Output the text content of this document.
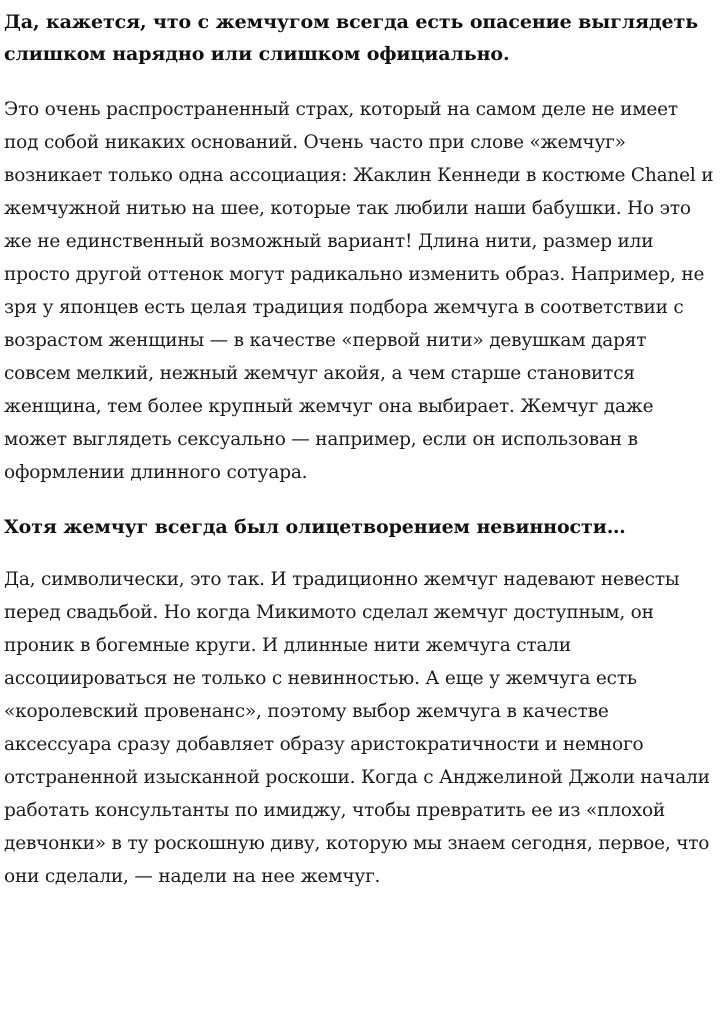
Да, кажется, что с жемчугом всегда есть опасение выглядеть слишком нарядно или слишком официально.

Это очень распространенный страх, который на самом деле не имеет под собой никаких оснований. Очень часто при слове «жемчуг» возникает только одна ассоциация: Жаклин Кеннеди в костюме Chanel и жемчужной нитью на шее, которые так любили наши бабушки. Но это же не единственный возможный вариант! Длина нити, размер или просто другой оттенок могут радикально изменить образ. Например, не зря у японцев есть целая традиция подбора жемчуга в соответствии с возрастом женщины — в качестве «первой нити» девушкам дарят совсем мелкий, нежный жемчуг акойя, а чем старше становится женщина, тем более крупный жемчуг она выбирает. Жемчуг даже может выглядеть сексуально — например, если он использован в оформлении длинного сотуара.

Хотя жемчуг всегда был олицетворением невинности…

Да, символически, это так. И традиционно жемчуг надевают невесты перед свадьбой. Но когда Микимото сделал жемчуг доступным, он проник в богемные круги. И длинные нити жемчуга стали ассоциироваться не только с невинностью. А еще у жемчуга есть «королевский провенанс», поэтому выбор жемчуга в качестве аксессуара сразу добавляет образу аристократичности и немного отстраненной изысканной роскоши. Когда с Анджелиной Джоли начали работать консультанты по имиджу, чтобы превратить ее из «плохой девчонки» в ту роскошную диву, которую мы знаем сегодня, первое, что они сделали, — надели на нее жемчуг.
